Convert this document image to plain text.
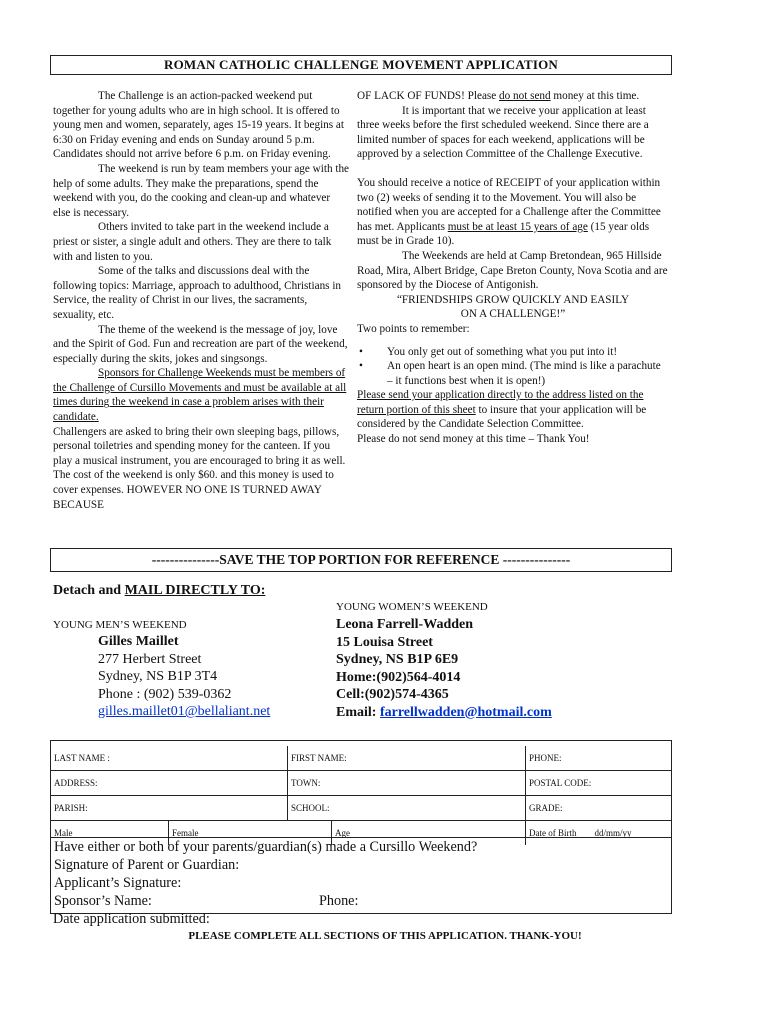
ROMAN CATHOLIC CHALLENGE MOVEMENT APPLICATION

The Challenge is an action-packed weekend put together for young adults who are in high school. It is offered to young men and women, separately, ages 15-19 years. It begins at 6:30 on Friday evening and ends on Sunday around 5 p.m. Candidates should not arrive before 6 p.m. on Friday evening.

The weekend is run by team members your age with the help of some adults. They make the preparations, spend the weekend with you, do the cooking and clean-up and whatever else is necessary.

Others invited to take part in the weekend include a priest or sister, a single adult and others. They are there to talk with and listen to you.

Some of the talks and discussions deal with the following topics: Marriage, approach to adulthood, Christians in Service, the reality of Christ in our lives, the sacraments, sexuality, etc.

The theme of the weekend is the message of joy, love and the Spirit of God. Fun and recreation are part of the weekend, especially during the skits, jokes and singsongs.

Sponsors for Challenge Weekends must be members of the Challenge of Cursillo Movements and must be available at all times during the weekend in case a problem arises with their candidate.

Challengers are asked to bring their own sleeping bags, pillows, personal toiletries and spending money for the canteen. If you play a musical instrument, you are encouraged to bring it as well. The cost of the weekend is only $60. and this money is used to cover expenses. HOWEVER NO ONE IS TURNED AWAY BECAUSE

OF LACK OF FUNDS! Please do not send money at this time.

It is important that we receive your application at least three weeks before the first scheduled weekend. Since there are a limited number of spaces for each weekend, applications will be approved by a selection Committee of the Challenge Executive.

You should receive a notice of RECEIPT of your application within two (2) weeks of sending it to the Movement. You will also be notified when you are accepted for a Challenge after the Committee has met. Applicants must be at least 15 years of age (15 year olds must be in Grade 10).

The Weekends are held at Camp Bretondean, 965 Hillside Road, Mira, Albert Bridge, Cape Breton County, Nova Scotia and are sponsored by the Diocese of Antigonish.

“FRIENDSHIPS GROW QUICKLY AND EASILY

ON A CHALLENGE!”

Two points to remember:

• You only get out of something what you put into it!
• An open heart is an open mind. (The mind is like a parachute – it functions best when it is open!)

Please send your application directly to the address listed on the return portion of this sheet to insure that your application will be considered by the Candidate Selection Committee.

Please do not send money at this time – Thank You!

---------------SAVE THE TOP PORTION FOR REFERENCE ---------------
Detach and MAIL DIRECTLY TO:
YOUNG MEN’S WEEKEND
Gilles Maillet
277 Herbert Street
Sydney, NS B1P 3T4
Phone : (902) 539-0362
gilles.maillet01@bellaliant.net
YOUNG WOMEN’S WEEKEND
Leona Farrell-Wadden
15 Louisa Street
Sydney, NS B1P 6E9
Home:(902)564-4014
Cell:(902)574-4365
Email: farrellwadden@hotmail.com
LAST NAME :	FIRST NAME:	PHONE:
ADDRESS:	TOWN:	POSTAL CODE:
PARISH:	SCHOOL:	GRADE:
Male	Female	Age	Date of Birth dd/mm/yy
Have either or both of your parents/guardian(s) made a Cursillo Weekend?
Signature of Parent or Guardian:
Applicant’s Signature:
Sponsor’s Name:	Phone:
Date application submitted:
PLEASE COMPLETE ALL SECTIONS OF THIS APPLICATION. THANK-YOU!
